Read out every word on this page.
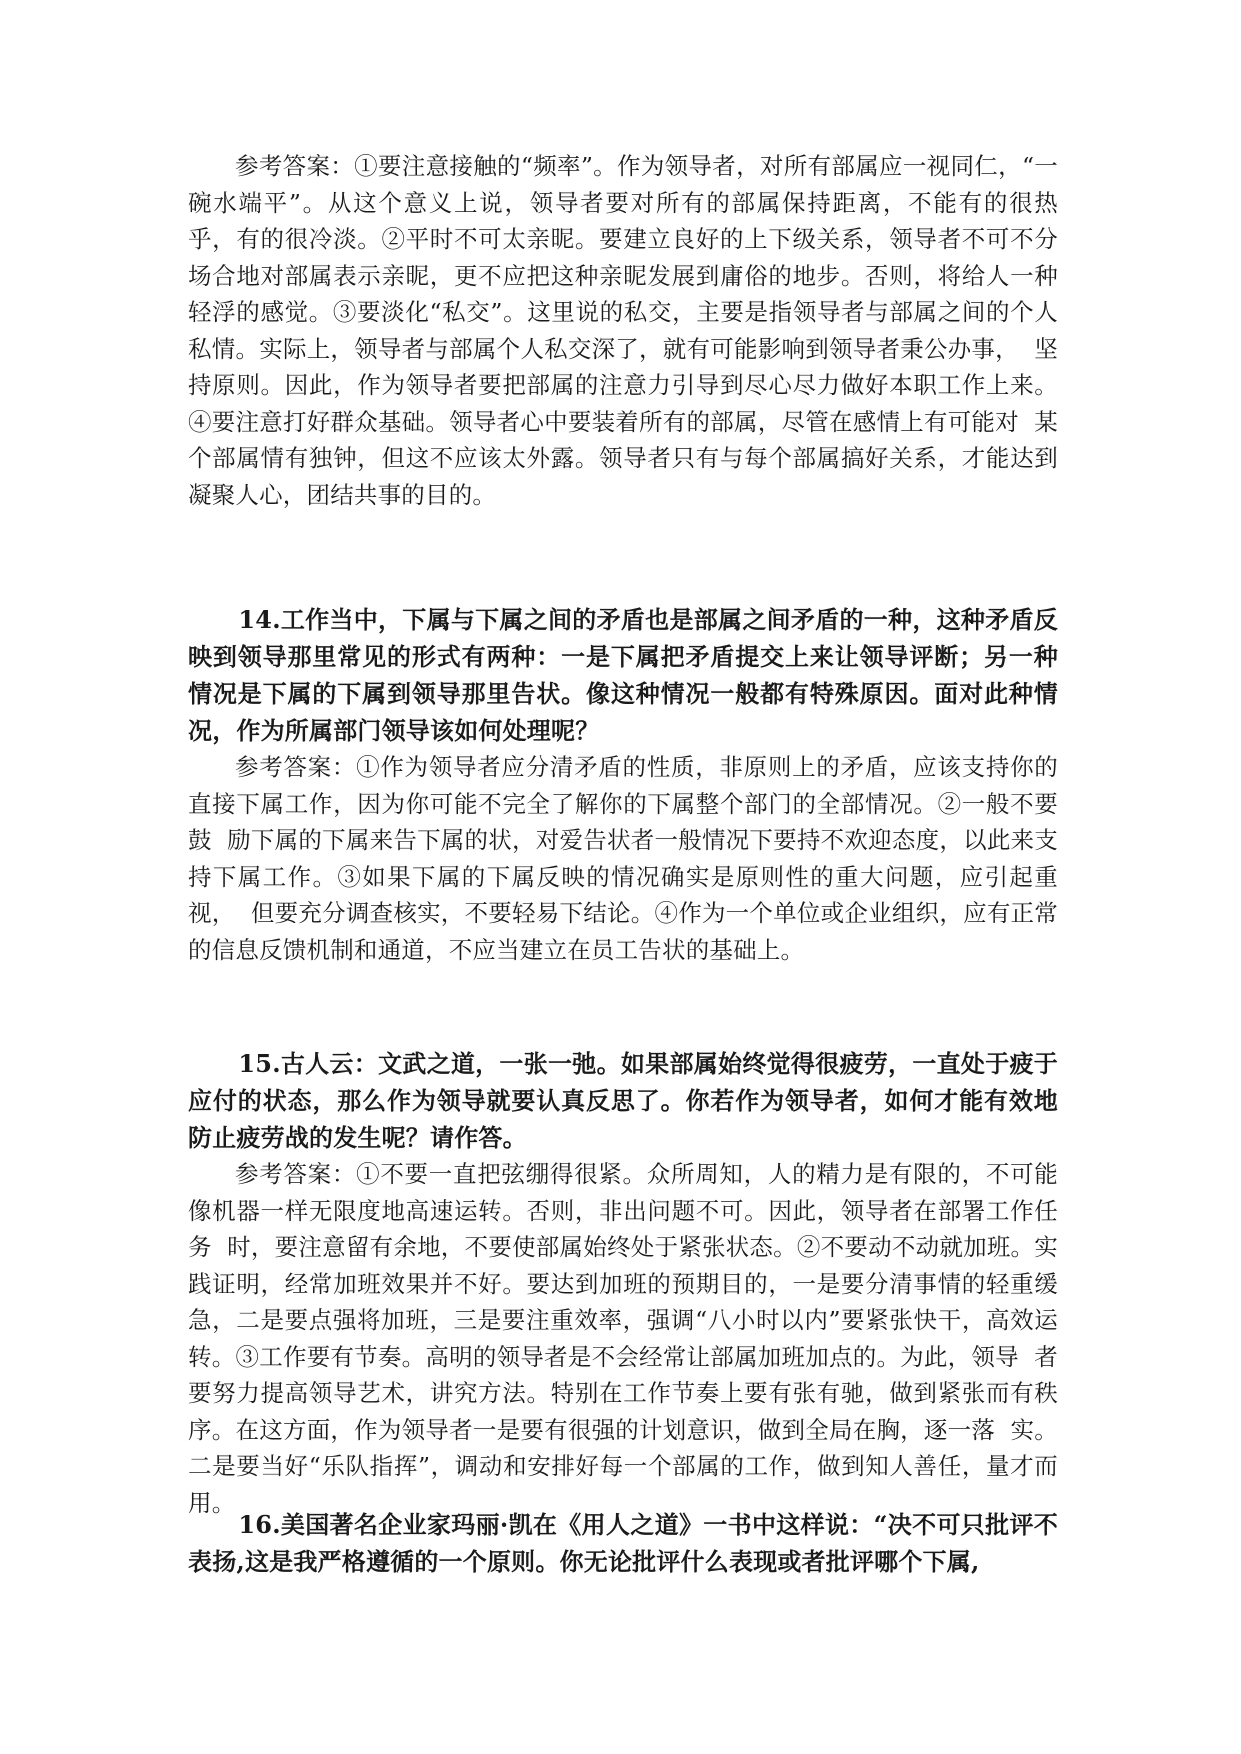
参考答案：①要注意接触的“频率”。作为领导者，对所有部属应一视同仁，“一碗水端平”。从这个意义上说，领导者要对所有的部属保持距离，不能有的很热  乎，有的很冷淡。②平时不可太亲昵。要建立良好的上下级关系，领导者不可不分场合地对部属表示亲昵，更不应把这种亲昵发展到庸俗的地步。否则，将给人一种  轻浮的感觉。③要淡化“私交”。这里说的私交，主要是指领导者与部属之间的个人私情。实际上，领导者与部属个人私交深了，就有可能影响到领导者秉公办事，  坚持原则。因此，作为领导者要把部属的注意力引导到尽心尽力做好本职工作上来。④要注意打好群众基础。领导者心中要装着所有的部属，尽管在感情上有可能对  某个部属情有独钟，但这不应该太外露。领导者只有与每个部属搞好关系，才能达到凝聚人心，团结共事的目的。

14.工作当中，下属与下属之间的矛盾也是部属之间矛盾的一种，这种矛盾反映到领导那里常见的形式有两种：一是下属把矛盾提交上来让领导评断；另一种情况是下属的下属到领导那里告状。像这种情况一般都有特殊原因。面对此种情况，作为所属部门领导该如何处理呢？

参考答案：①作为领导者应分清矛盾的性质，非原则上的矛盾，应该支持你的直接下属工作，因为你可能不完全了解你的下属整个部门的全部情况。②一般不要鼓  励下属的下属来告下属的状，对爱告状者一般情况下要持不欢迎态度，以此来支持下属工作。③如果下属的下属反映的情况确实是原则性的重大问题，应引起重视，  但要充分调查核实，不要轻易下结论。④作为一个单位或企业组织，应有正常的信息反馈机制和通道，不应当建立在员工告状的基础上。

15.古人云：文武之道，一张一弛。如果部属始终觉得很疲劳，一直处于疲于应付的状态，那么作为领导就要认真反思了。你若作为领导者，如何才能有效地防止疲劳战的发生呢？请作答。

参考答案：①不要一直把弦绷得很紧。众所周知，人的精力是有限的，不可能像机器一样无限度地高速运转。否则，非出问题不可。因此，领导者在部署工作任务  时，要注意留有余地，不要使部属始终处于紧张状态。②不要动不动就加班。实践证明，经常加班效果并不好。要达到加班的预期目的，一是要分清事情的轻重缓  急，二是要点强将加班，三是要注重效率，强调“八小时以内”要紧张快干，高效运转。③工作要有节奏。高明的领导者是不会经常让部属加班加点的。为此，领导  者要努力提高领导艺术，讲究方法。特别在工作节奏上要有张有驰，做到紧张而有秩序。在这方面，作为领导者一是要有很强的计划意识，做到全局在胸，逐一落  实。二是要当好“乐队指挥”，调动和安排好每一个部属的工作，做到知人善任，量才而用。

16.美国著名企业家玛丽·凯在《用人之道》一书中这样说：“决不可只批评不表扬,这是我严格遵循的一个原则。你无论批评什么表现或者批评哪个下属,
